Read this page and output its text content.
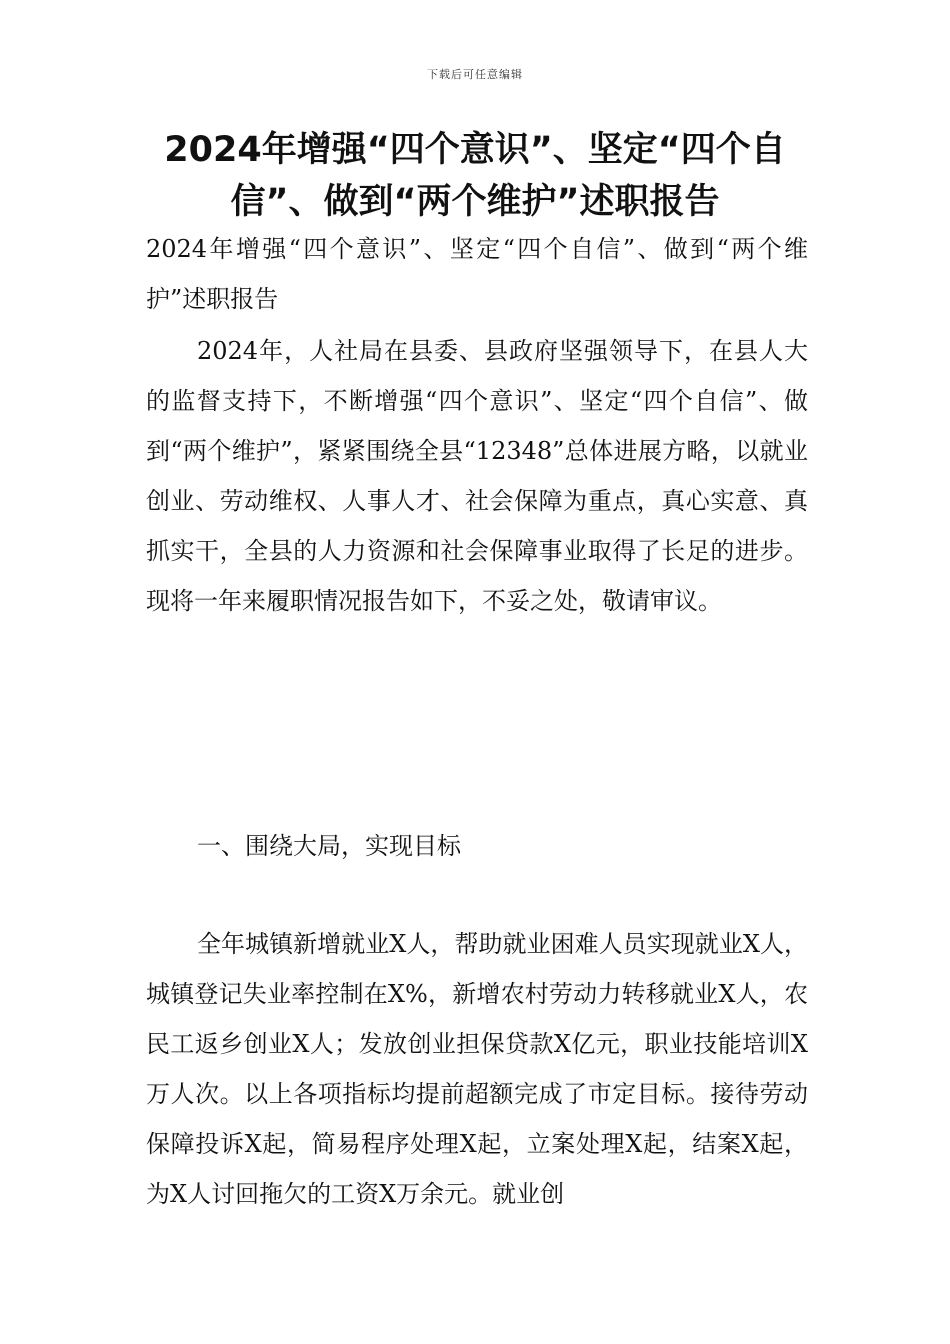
下载后可任意编辑
2024年增强“四个意识”、坚定“四个自信”、做到“两个维护”述职报告

2024年增强“四个意识”、坚定“四个自信”、做到“两个维护”述职报告

2024年，人社局在县委、县政府坚强领导下，在县人大的监督支持下，不断增强“四个意识”、坚定“四个自信”、做到“两个维护”，紧紧围绕全县“12348”总体进展方略，以就业创业、劳动维权、人事人才、社会保障为重点，真心实意、真抓实干，全县的人力资源和社会保障事业取得了长足的进步。现将一年来履职情况报告如下，不妥之处，敬请审议。

一、围绕大局，实现目标

全年城镇新增就业X人，帮助就业困难人员实现就业X人，城镇登记失业率控制在X%，新增农村劳动力转移就业X人，农民工返乡创业X人；发放创业担保贷款X亿元，职业技能培训X万人次。以上各项指标均提前超额完成了市定目标。接待劳动保障投诉X起，简易程序处理X起，立案处理X起，结案X起，为X人讨回拖欠的工资X万余元。就业创
